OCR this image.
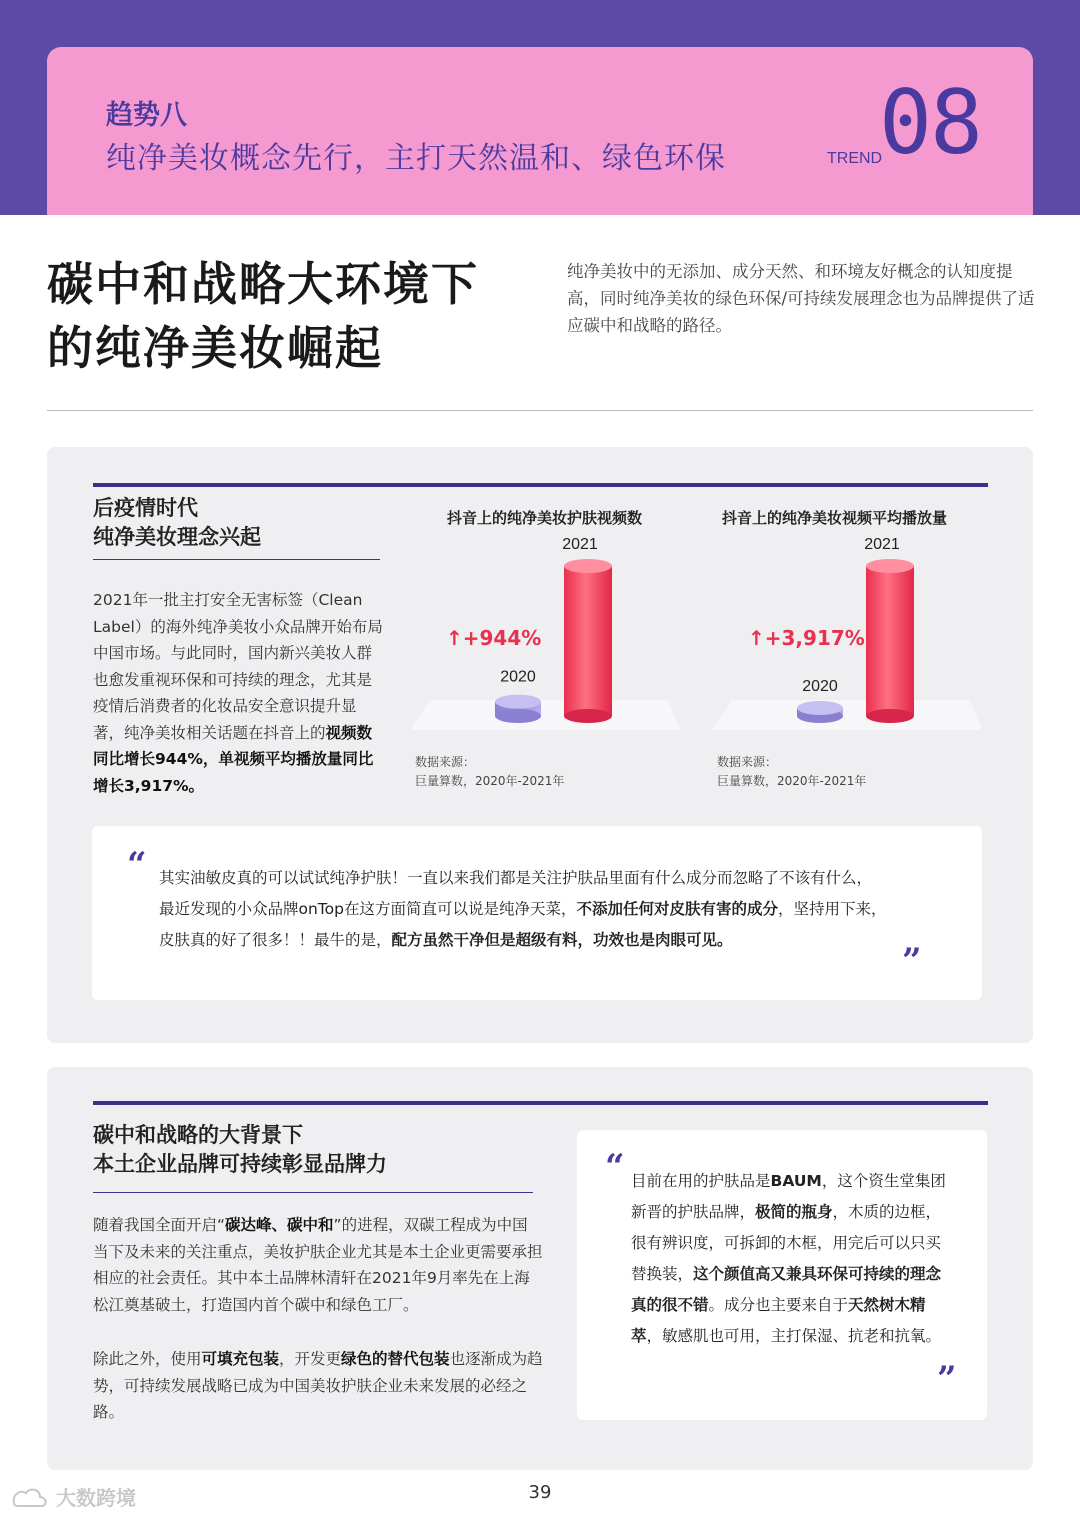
趋势八
纯净美妆概念先行，主打天然温和、绿色环保	TREND
08
碳中和战略大环境下
的纯净美妆崛起
纯净美妆中的无添加、成分天然、和环境友好概念的认知度提高，同时纯净美妆的绿色环保/可持续发展理念也为品牌提供了适应碳中和战略的路径。
后疫情时代
纯净美妆理念兴起
2021年一批主打安全无害标签（Clean Label）的海外纯净美妆小众品牌开始布局中国市场。与此同时，国内新兴美妆人群也愈发重视环保和可持续的理念，尤其是疫情后消费者的化妆品安全意识提升显著，纯净美妆相关话题在抖音上的视频数同比增长944%，单视频平均播放量同比增长3,917%。
抖音上的纯净美妆护肤视频数
2020
2021
↑+944%
数据来源：
巨量算数，2020年-2021年
抖音上的纯净美妆视频平均播放量
2020
2021
↑+3,917%
数据来源：
巨量算数，2020年-2021年
“ 其实油敏皮真的可以试试纯净护肤！一直以来我们都是关注护肤品里面有什么成分而忽略了不该有什么，
最近发现的小众品牌onTop在这方面简直可以说是纯净天菜，不添加任何对皮肤有害的成分，坚持用下来，
皮肤真的好了很多！！最牛的是，配方虽然干净但是超级有料，功效也是肉眼可见。
”
碳中和战略的大背景下
本土企业品牌可持续彰显品牌力
随着我国全面开启“碳达峰、碳中和”的进程，双碳工程成为中国当下及未来的关注重点，美妆护肤企业尤其是本土企业更需要承担相应的社会责任。其中本土品牌林清轩在2021年9月率先在上海松江奠基破土，打造国内首个碳中和绿色工厂。
除此之外，使用可填充包装，开发更绿色的替代包装也逐渐成为趋势，可持续发展战略已成为中国美妆护肤企业未来发展的必经之路。
“ 目前在用的护肤品是BAUM，这个资生堂集团新晋的护肤品牌，极简的瓶身，木质的边框，很有辨识度，可拆卸的木框，用完后可以只买替换装，这个颜值高又兼具环保可持续的理念真的很不错。成分也主要来自于天然树木精萃，敏感肌也可用，主打保湿、抗老和抗氧。
”
大数跨境	39
